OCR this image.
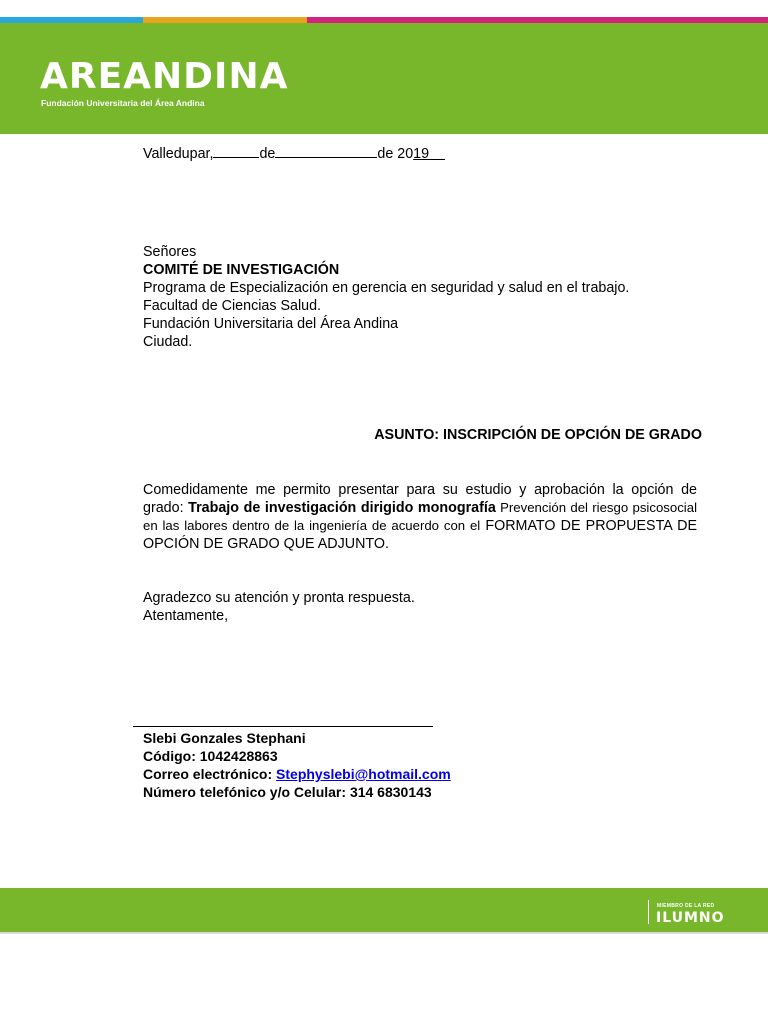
AREANDINA
Fundación Universitaria del Área Andina
Valledupar,	de	de 2019
Señores
COMITÉ DE INVESTIGACIÓN
Programa de Especialización en gerencia en seguridad y salud en el trabajo.
Facultad de Ciencias Salud.
Fundación Universitaria del Área Andina
Ciudad.
ASUNTO: INSCRIPCIÓN DE OPCIÓN DE GRADO
Comedidamente me permito presentar para su estudio y aprobación la opción de grado: Trabajo de investigación dirigido monografía Prevención del riesgo psicosocial en las labores dentro de la ingeniería de acuerdo con el FORMATO DE PROPUESTA DE OPCIÓN DE GRADO QUE ADJUNTO.
Agradezco su atención y pronta respuesta.
Atentamente,
Slebi Gonzales Stephani
Código: 1042428863
Correo electrónico: Stephyslebi@hotmail.com
Número telefónico y/o Celular: 314 6830143
MIEMBRO DE LA RED
ILUMNO
